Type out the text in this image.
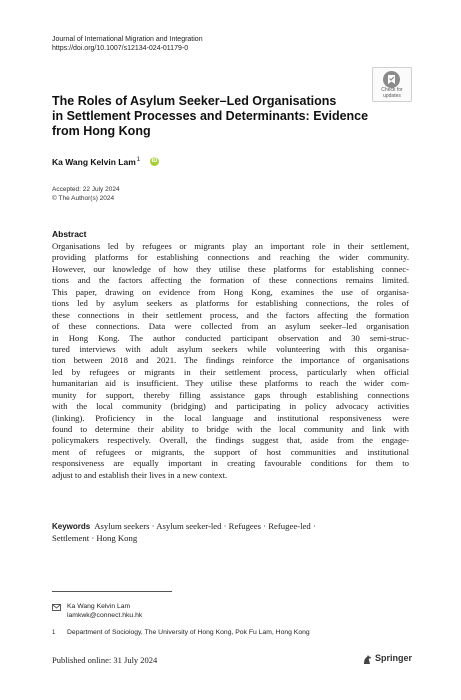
Journal of International Migration and Integration
https://doi.org/10.1007/s12134-024-01179-0
Check for
updates
The Roles of Asylum Seeker–Led Organisations
in Settlement Processes and Determinants: Evidence
from Hong Kong
Ka Wang Kelvin Lam$^1$ iD
Accepted: 22 July 2024
© The Author(s) 2024
Abstract
Organisations led by refugees or migrants play an important role in their settlement,
providing platforms for establishing connections and reaching the wider community.
However, our knowledge of how they utilise these platforms for establishing connec-
tions and the factors affecting the formation of these connections remains limited.
This paper, drawing on evidence from Hong Kong, examines the use of organisa-
tions led by asylum seekers as platforms for establishing connections, the roles of
these connections in their settlement process, and the factors affecting the formation
of these connections. Data were collected from an asylum seeker–led organisation
in Hong Kong. The author conducted participant observation and 30 semi-struc-
tured interviews with adult asylum seekers while volunteering with this organisa-
tion between 2018 and 2021. The findings reinforce the importance of organisations
led by refugees or migrants in their settlement process, particularly when official
humanitarian aid is insufficient. They utilise these platforms to reach the wider com-
munity for support, thereby filling assistance gaps through establishing connections
with the local community (bridging) and participating in policy advocacy activities
(linking). Proficiency in the local language and institutional responsiveness were
found to determine their ability to bridge with the local community and link with
policymakers respectively. Overall, the findings suggest that, aside from the engage-
ment of refugees or migrants, the support of host communities and institutional
responsiveness are equally important in creating favourable conditions for them to
adjust to and establish their lives in a new context.
Keywords Asylum seekers · Asylum seeker-led · Refugees · Refugee-led ·
Settlement · Hong Kong
Ka Wang Kelvin Lam
lamkwk@connect.hku.hk
1 Department of Sociology, The University of Hong Kong, Pok Fu Lam, Hong Kong
Published online: 31 July 2024	Springer
